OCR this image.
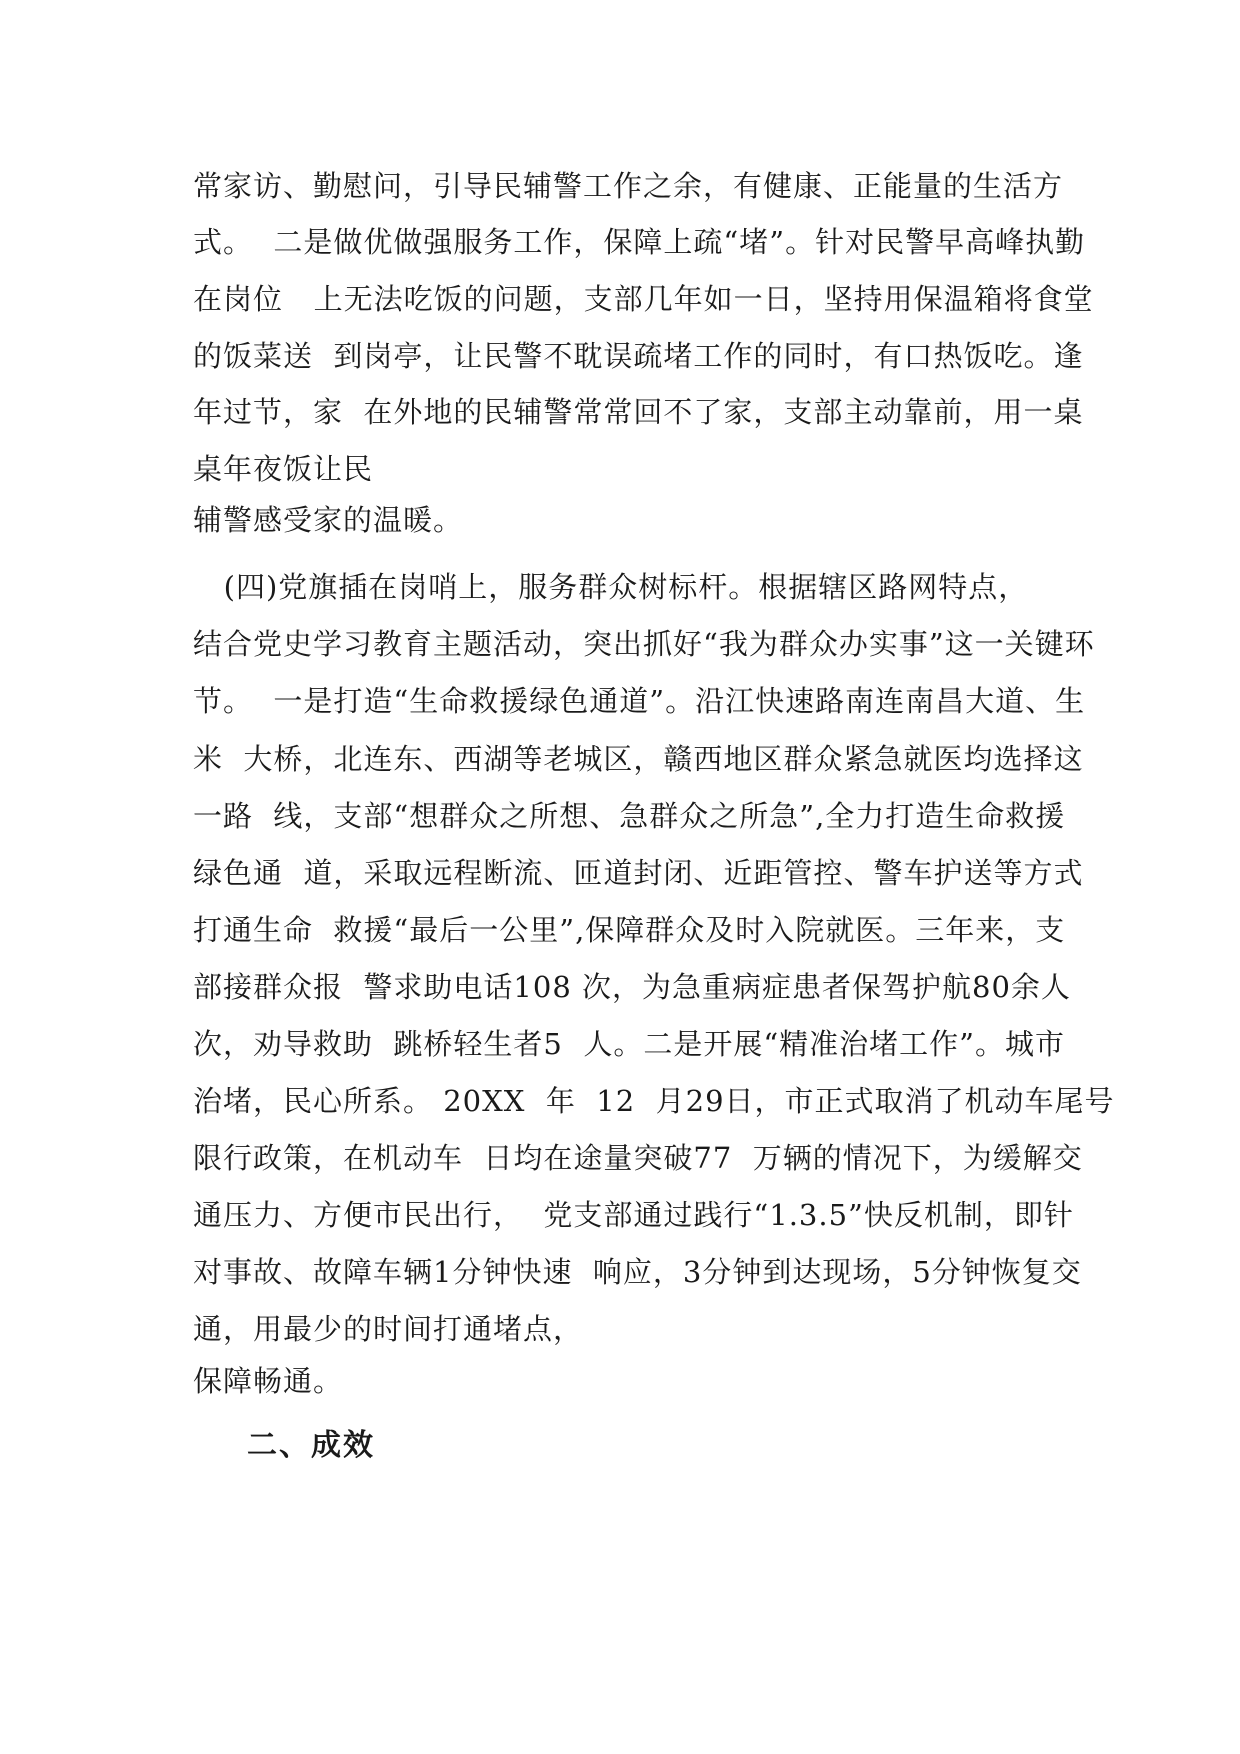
常家访、勤慰问，引导民辅警工作之余，有健康、正能量的生活方
式。  二是做优做强服务工作，保障上疏“堵”。针对民警早高峰执勤
在岗位   上无法吃饭的问题，支部几年如一日，坚持用保温箱将食堂
的饭菜送  到岗亭，让民警不耽误疏堵工作的同时，有口热饭吃。逢
年过节，家  在外地的民辅警常常回不了家，支部主动靠前，用一桌
桌年夜饭让民
辅警感受家的温暖。
(四)党旗插在岗哨上，服务群众树标杆。根据辖区路网特点，
结合党史学习教育主题活动，突出抓好“我为群众办实事”这一关键环
节。  一是打造“生命救援绿色通道”。沿江快速路南连南昌大道、生
米  大桥，北连东、西湖等老城区，赣西地区群众紧急就医均选择这
一路  线，支部“想群众之所想、急群众之所急”,全力打造生命救援
绿色通  道，采取远程断流、匝道封闭、近距管控、警车护送等方式
打通生命  救援“最后一公里”,保障群众及时入院就医。三年来，支
部接群众报  警求助电话108 次，为急重病症患者保驾护航80余人
次，劝导救助  跳桥轻生者5  人。二是开展“精准治堵工作”。城市
治堵，民心所系。 20XX  年  12  月29日，市正式取消了机动车尾号
限行政策，在机动车  日均在途量突破77  万辆的情况下，为缓解交
通压力、方便市民出行，  党支部通过践行“1.3.5”快反机制，即针
对事故、故障车辆1分钟快速  响应，3分钟到达现场，5分钟恢复交
通，用最少的时间打通堵点，
保障畅通。
二、成效
